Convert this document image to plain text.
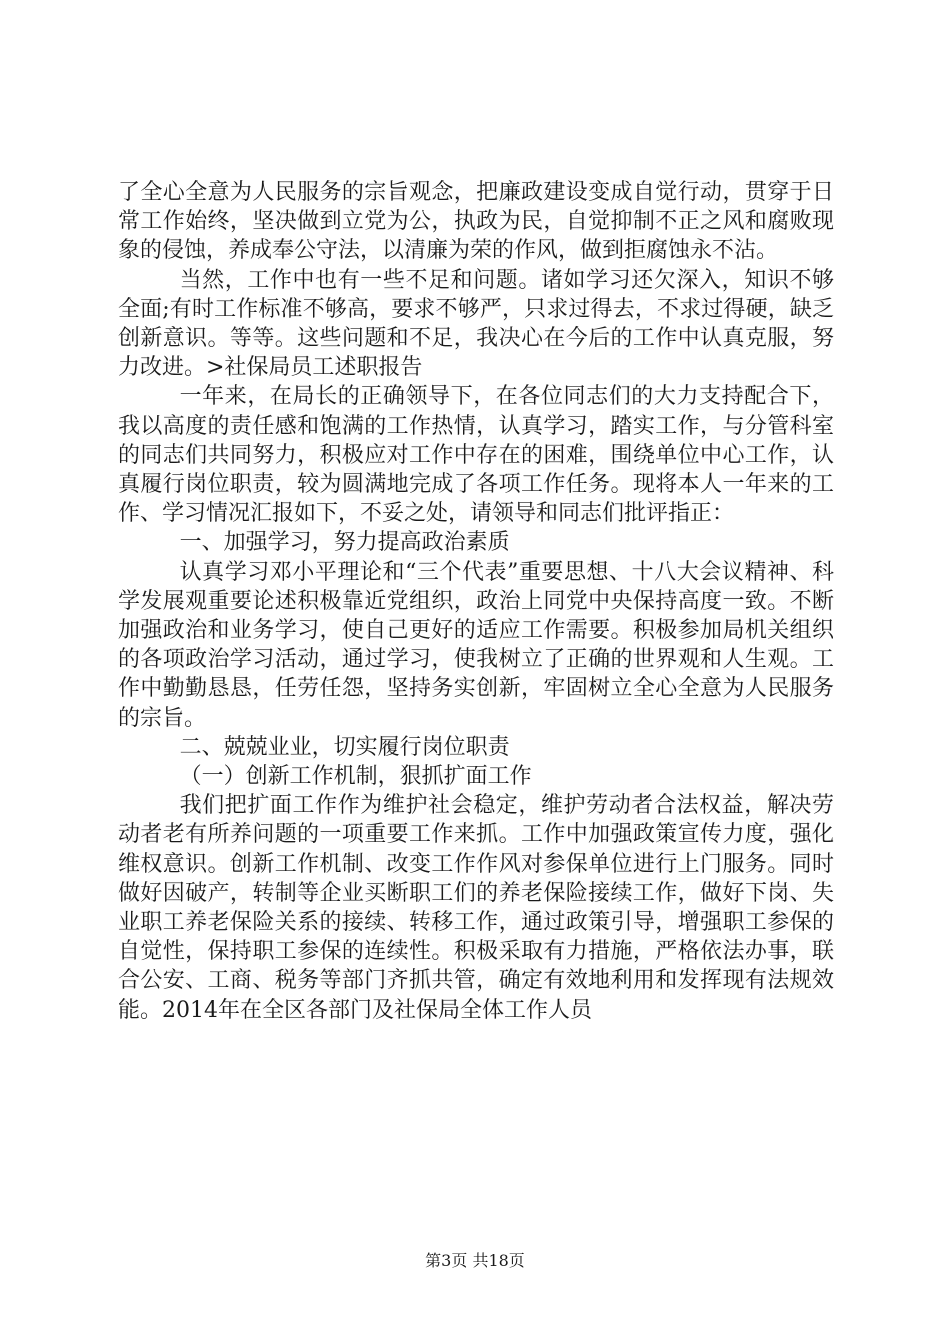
了全心全意为人民服务的宗旨观念，把廉政建设变成自觉行动，贯穿于日常工作始终，坚决做到立党为公，执政为民，自觉抑制不正之风和腐败现象的侵蚀，养成奉公守法，以清廉为荣的作风，做到拒腐蚀永不沾。

当然，工作中也有一些不足和问题。诸如学习还欠深入，知识不够全面;有时工作标准不够高，要求不够严，只求过得去，不求过得硬，缺乏创新意识。等等。这些问题和不足，我决心在今后的工作中认真克服，努力改进。>社保局员工述职报告

一年来，在局长的正确领导下，在各位同志们的大力支持配合下，我以高度的责任感和饱满的工作热情，认真学习，踏实工作，与分管科室的同志们共同努力，积极应对工作中存在的困难，围绕单位中心工作，认真履行岗位职责，较为圆满地完成了各项工作任务。现将本人一年来的工作、学习情况汇报如下，不妥之处，请领导和同志们批评指正：

一、加强学习，努力提高政治素质

认真学习邓小平理论和“三个代表”重要思想、十八大会议精神、科学发展观重要论述积极靠近党组织，政治上同党中央保持高度一致。不断加强政治和业务学习，使自己更好的适应工作需要。积极参加局机关组织的各项政治学习活动，通过学习，使我树立了正确的世界观和人生观。工作中勤勤恳恳，任劳任怨，坚持务实创新，牢固树立全心全意为人民服务的宗旨。

二、兢兢业业，切实履行岗位职责

（一）创新工作机制，狠抓扩面工作

我们把扩面工作作为维护社会稳定，维护劳动者合法权益，解决劳动者老有所养问题的一项重要工作来抓。工作中加强政策宣传力度，强化维权意识。创新工作机制、改变工作作风对参保单位进行上门服务。同时做好因破产，转制等企业买断职工们的养老保险接续工作，做好下岗、失业职工养老保险关系的接续、转移工作，通过政策引导，增强职工参保的自觉性，保持职工参保的连续性。积极采取有力措施，严格依法办事，联合公安、工商、税务等部门齐抓共管，确定有效地利用和发挥现有法规效能。2014年在全区各部门及社保局全体工作人员

第3页 共18页
